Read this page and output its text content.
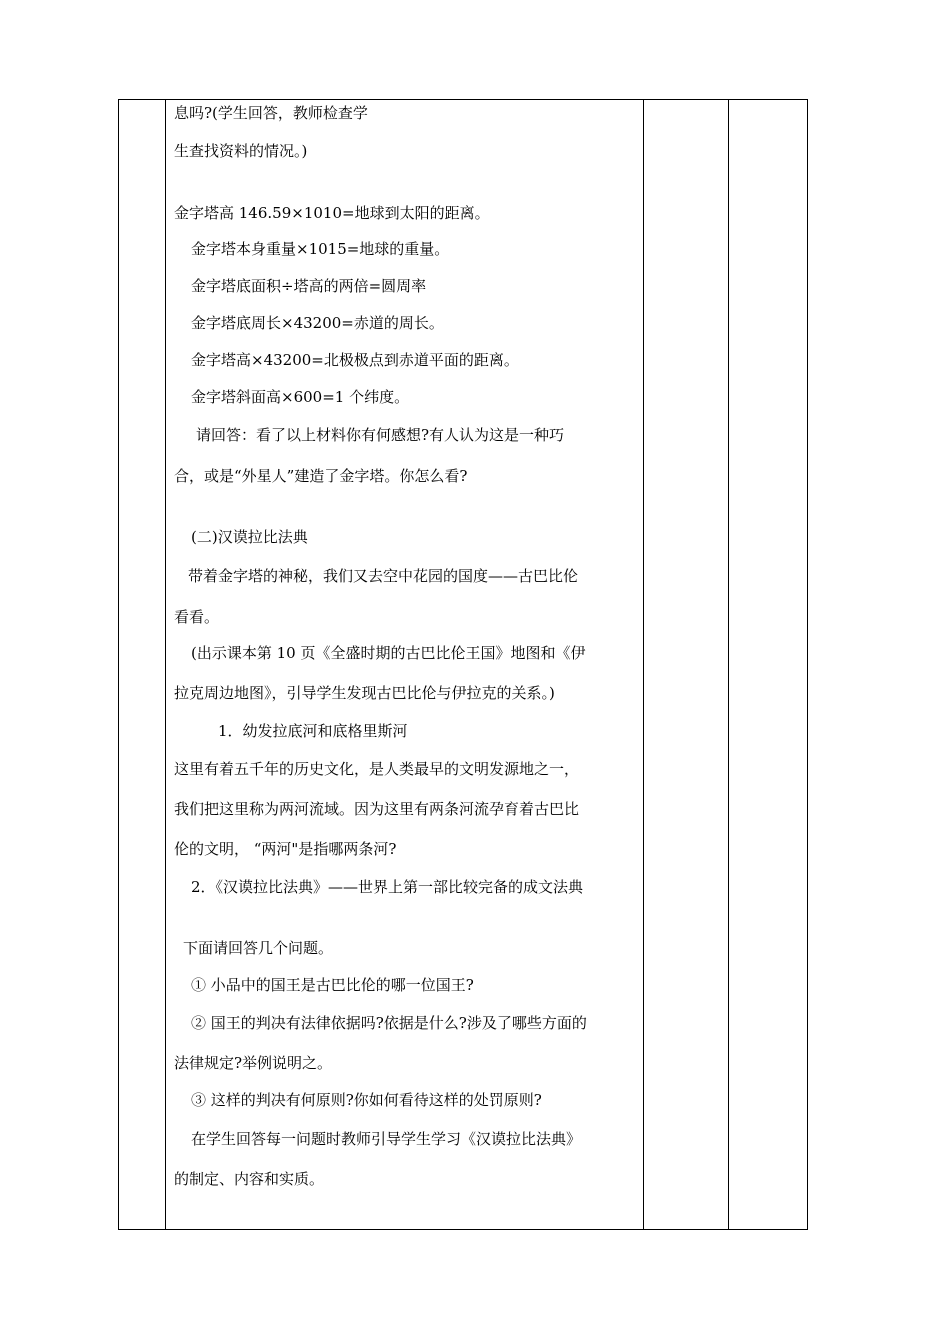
息吗?(学生回答，教师检查学
生查找资料的情况。)
金字塔高 146.59×1010=地球到太阳的距离。
金字塔本身重量×1015=地球的重量。
金字塔底面积÷塔高的两倍=圆周率
金字塔底周长×43200=赤道的周长。
金字塔高×43200=北极极点到赤道平面的距离。
金字塔斜面高×600=1 个纬度。
请回答：看了以上材料你有何感想?有人认为这是一种巧
合，或是“外星人”建造了金字塔。你怎么看?
(二)汉谟拉比法典
带着金字塔的神秘，我们又去空中花园的国度——古巴比伦
看看。
(出示课本第 10 页《全盛时期的古巴比伦王国》地图和《伊
拉克周边地图》，引导学生发现古巴比伦与伊拉克的关系。)
1．幼发拉底河和底格里斯河
这里有着五千年的历史文化，是人类最早的文明发源地之一，
我们把这里称为两河流域。因为这里有两条河流孕育着古巴比
伦的文明， “两河"是指哪两条河?
2．《汉谟拉比法典》——世界上第一部比较完备的成文法典
下面请回答几个问题。
① 小品中的国王是古巴比伦的哪一位国王?
② 国王的判决有法律依据吗?依据是什么?涉及了哪些方面的
法律规定?举例说明之。
③ 这样的判决有何原则?你如何看待这样的处罚原则?
在学生回答每一问题时教师引导学生学习《汉谟拉比法典》
的制定、内容和实质。
